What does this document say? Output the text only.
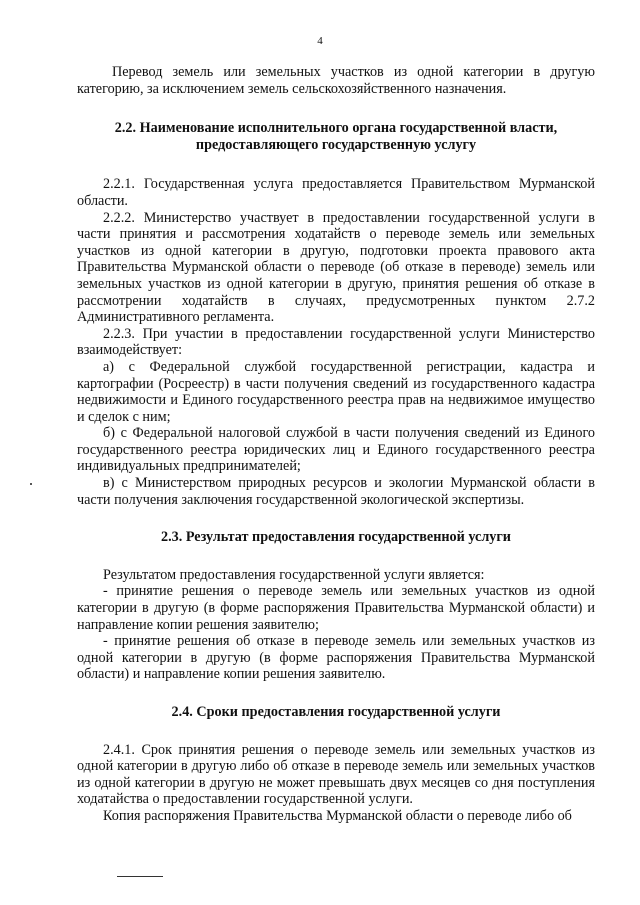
4

Перевод земель или земельных участков из одной категории в другую категорию, за исключением земель сельскохозяйственного назначения.

2.2. Наименование исполнительного органа государственной власти, предоставляющего государственную услугу

2.2.1. Государственная услуга предоставляется Правительством Мурманской области.

2.2.2. Министерство участвует в предоставлении государственной услуги в части принятия и рассмотрения ходатайств о переводе земель или земельных участков из одной категории в другую, подготовки проекта правового акта Правительства Мурманской области о переводе (об отказе в переводе) земель или земельных участков из одной категории в другую, принятия решения об отказе в рассмотрении ходатайств в случаях, предусмотренных пунктом 2.7.2 Административного регламента.

2.2.3. При участии в предоставлении государственной услуги Министерство взаимодействует:

а) с Федеральной службой государственной регистрации, кадастра и картографии (Росреестр) в части получения сведений из государственного кадастра недвижимости и Единого государственного реестра прав на недвижимое имущество и сделок с ним;

б) с Федеральной налоговой службой в части получения сведений из Единого государственного реестра юридических лиц и Единого государственного реестра индивидуальных предпринимателей;

в) с Министерством природных ресурсов и экологии Мурманской области в части получения заключения государственной экологической экспертизы.

2.3. Результат предоставления государственной услуги

Результатом предоставления государственной услуги является:

- принятие решения о переводе земель или земельных участков из одной категории в другую (в форме распоряжения Правительства Мурманской области) и направление копии решения заявителю;

- принятие решения об отказе в переводе земель или земельных участков из одной категории в другую (в форме распоряжения Правительства Мурманской области) и направление копии решения заявителю.

2.4. Сроки предоставления государственной услуги

2.4.1. Срок принятия решения о переводе земель или земельных участков из одной категории в другую либо об отказе в переводе земель или земельных участков из одной категории в другую не может превышать двух месяцев со дня поступления ходатайства о предоставлении государственной услуги.

Копия распоряжения Правительства Мурманской области о переводе либо об
